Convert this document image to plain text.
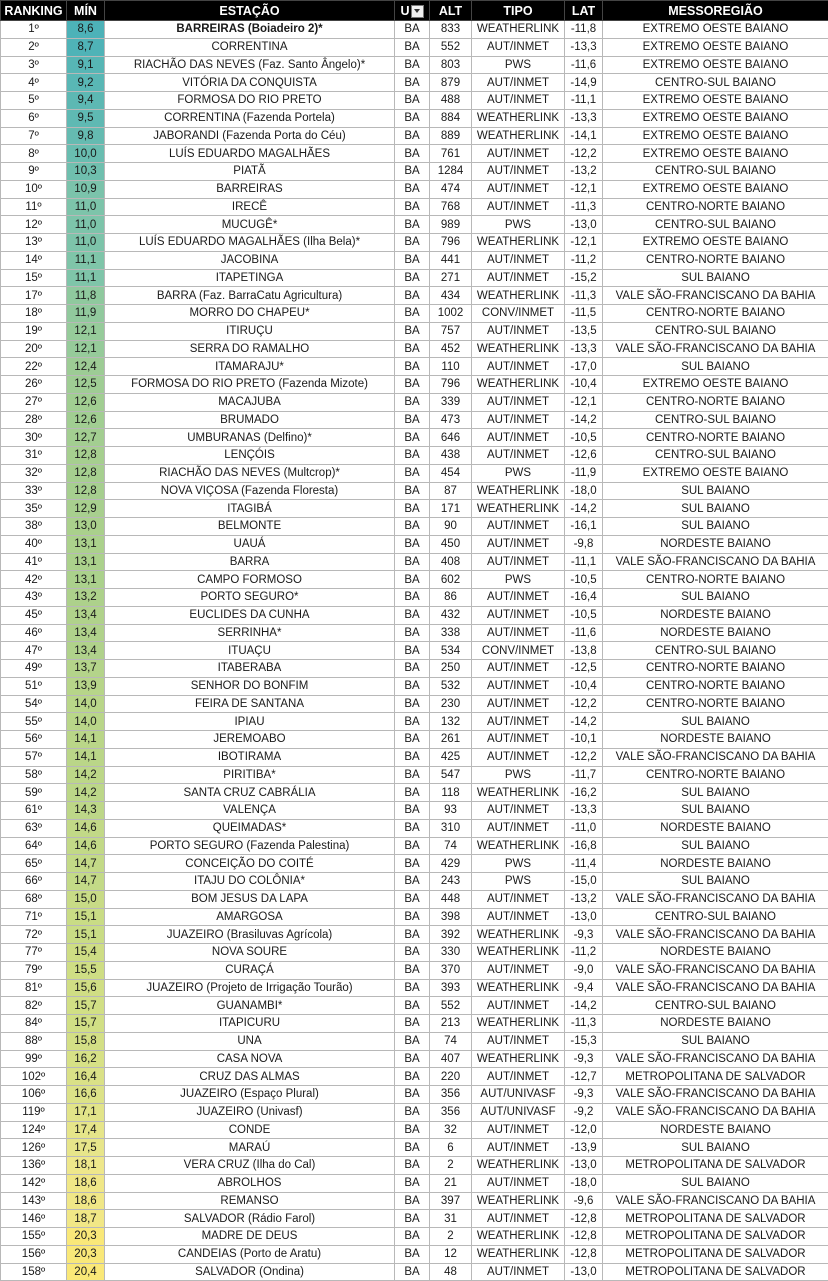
RANKING	MÍN	ESTAÇÃO	U	ALT	TIPO	LAT	MESSOREGIÃO
1º	8,6	BARREIRAS (Boiadeiro 2)*	BA	833	WEATHERLINK	-11,8	EXTREMO OESTE BAIANO
2º	8,7	CORRENTINA	BA	552	AUT/INMET	-13,3	EXTREMO OESTE BAIANO
3º	9,1	RIACHÃO DAS NEVES (Faz. Santo Ângelo)*	BA	803	PWS	-11,6	EXTREMO OESTE BAIANO
4º	9,2	VITÓRIA DA CONQUISTA	BA	879	AUT/INMET	-14,9	CENTRO-SUL BAIANO
5º	9,4	FORMOSA DO RIO PRETO	BA	488	AUT/INMET	-11,1	EXTREMO OESTE BAIANO
6º	9,5	CORRENTINA (Fazenda Portela)	BA	884	WEATHERLINK	-13,3	EXTREMO OESTE BAIANO
7º	9,8	JABORANDI (Fazenda Porta do Céu)	BA	889	WEATHERLINK	-14,1	EXTREMO OESTE BAIANO
8º	10,0	LUÍS EDUARDO MAGALHÃES	BA	761	AUT/INMET	-12,2	EXTREMO OESTE BAIANO
9º	10,3	PIATÃ	BA	1284	AUT/INMET	-13,2	CENTRO-SUL BAIANO
10º	10,9	BARREIRAS	BA	474	AUT/INMET	-12,1	EXTREMO OESTE BAIANO
11º	11,0	IRECÊ	BA	768	AUT/INMET	-11,3	CENTRO-NORTE BAIANO
12º	11,0	MUCUGÊ*	BA	989	PWS	-13,0	CENTRO-SUL BAIANO
13º	11,0	LUÍS EDUARDO MAGALHÃES (Ilha Bela)*	BA	796	WEATHERLINK	-12,1	EXTREMO OESTE BAIANO
14º	11,1	JACOBINA	BA	441	AUT/INMET	-11,2	CENTRO-NORTE BAIANO
15º	11,1	ITAPETINGA	BA	271	AUT/INMET	-15,2	SUL BAIANO
17º	11,8	BARRA (Faz. BarraCatu Agricultura)	BA	434	WEATHERLINK	-11,3	VALE SÃO-FRANCISCANO DA BAHIA
18º	11,9	MORRO DO CHAPEU*	BA	1002	CONV/INMET	-11,5	CENTRO-NORTE BAIANO
19º	12,1	ITIRUÇU	BA	757	AUT/INMET	-13,5	CENTRO-SUL BAIANO
20º	12,1	SERRA DO RAMALHO	BA	452	WEATHERLINK	-13,3	VALE SÃO-FRANCISCANO DA BAHIA
22º	12,4	ITAMARAJU*	BA	110	AUT/INMET	-17,0	SUL BAIANO
26º	12,5	FORMOSA DO RIO PRETO (Fazenda Mizote)	BA	796	WEATHERLINK	-10,4	EXTREMO OESTE BAIANO
27º	12,6	MACAJUBA	BA	339	AUT/INMET	-12,1	CENTRO-NORTE BAIANO
28º	12,6	BRUMADO	BA	473	AUT/INMET	-14,2	CENTRO-SUL BAIANO
30º	12,7	UMBURANAS (Delfino)*	BA	646	AUT/INMET	-10,5	CENTRO-NORTE BAIANO
31º	12,8	LENÇÓIS	BA	438	AUT/INMET	-12,6	CENTRO-SUL BAIANO
32º	12,8	RIACHÃO DAS NEVES (Multcrop)*	BA	454	PWS	-11,9	EXTREMO OESTE BAIANO
33º	12,8	NOVA VIÇOSA (Fazenda Floresta)	BA	87	WEATHERLINK	-18,0	SUL BAIANO
35º	12,9	ITAGIBÁ	BA	171	WEATHERLINK	-14,2	SUL BAIANO
38º	13,0	BELMONTE	BA	90	AUT/INMET	-16,1	SUL BAIANO
40º	13,1	UAUÁ	BA	450	AUT/INMET	-9,8	NORDESTE BAIANO
41º	13,1	BARRA	BA	408	AUT/INMET	-11,1	VALE SÃO-FRANCISCANO DA BAHIA
42º	13,1	CAMPO FORMOSO	BA	602	PWS	-10,5	CENTRO-NORTE BAIANO
43º	13,2	PORTO SEGURO*	BA	86	AUT/INMET	-16,4	SUL BAIANO
45º	13,4	EUCLIDES DA CUNHA	BA	432	AUT/INMET	-10,5	NORDESTE BAIANO
46º	13,4	SERRINHA*	BA	338	AUT/INMET	-11,6	NORDESTE BAIANO
47º	13,4	ITUAÇU	BA	534	CONV/INMET	-13,8	CENTRO-SUL BAIANO
49º	13,7	ITABERABA	BA	250	AUT/INMET	-12,5	CENTRO-NORTE BAIANO
51º	13,9	SENHOR DO BONFIM	BA	532	AUT/INMET	-10,4	CENTRO-NORTE BAIANO
54º	14,0	FEIRA DE SANTANA	BA	230	AUT/INMET	-12,2	CENTRO-NORTE BAIANO
55º	14,0	IPIAU	BA	132	AUT/INMET	-14,2	SUL BAIANO
56º	14,1	JEREMOABO	BA	261	AUT/INMET	-10,1	NORDESTE BAIANO
57º	14,1	IBOTIRAMA	BA	425	AUT/INMET	-12,2	VALE SÃO-FRANCISCANO DA BAHIA
58º	14,2	PIRITIBA*	BA	547	PWS	-11,7	CENTRO-NORTE BAIANO
59º	14,2	SANTA CRUZ CABRÁLIA	BA	118	WEATHERLINK	-16,2	SUL BAIANO
61º	14,3	VALENÇA	BA	93	AUT/INMET	-13,3	SUL BAIANO
63º	14,6	QUEIMADAS*	BA	310	AUT/INMET	-11,0	NORDESTE BAIANO
64º	14,6	PORTO SEGURO (Fazenda Palestina)	BA	74	WEATHERLINK	-16,8	SUL BAIANO
65º	14,7	CONCEIÇÃO DO COITÉ	BA	429	PWS	-11,4	NORDESTE BAIANO
66º	14,7	ITAJU DO COLÔNIA*	BA	243	PWS	-15,0	SUL BAIANO
68º	15,0	BOM JESUS DA LAPA	BA	448	AUT/INMET	-13,2	VALE SÃO-FRANCISCANO DA BAHIA
71º	15,1	AMARGOSA	BA	398	AUT/INMET	-13,0	CENTRO-SUL BAIANO
72º	15,1	JUAZEIRO (Brasiluvas Agrícola)	BA	392	WEATHERLINK	-9,3	VALE SÃO-FRANCISCANO DA BAHIA
77º	15,4	NOVA SOURE	BA	330	WEATHERLINK	-11,2	NORDESTE BAIANO
79º	15,5	CURAÇÁ	BA	370	AUT/INMET	-9,0	VALE SÃO-FRANCISCANO DA BAHIA
81º	15,6	JUAZEIRO (Projeto de Irrigação Tourão)	BA	393	WEATHERLINK	-9,4	VALE SÃO-FRANCISCANO DA BAHIA
82º	15,7	GUANAMBI*	BA	552	AUT/INMET	-14,2	CENTRO-SUL BAIANO
84º	15,7	ITAPICURU	BA	213	WEATHERLINK	-11,3	NORDESTE BAIANO
88º	15,8	UNA	BA	74	AUT/INMET	-15,3	SUL BAIANO
99º	16,2	CASA NOVA	BA	407	WEATHERLINK	-9,3	VALE SÃO-FRANCISCANO DA BAHIA
102º	16,4	CRUZ DAS ALMAS	BA	220	AUT/INMET	-12,7	METROPOLITANA DE SALVADOR
106º	16,6	JUAZEIRO (Espaço Plural)	BA	356	AUT/UNIVASF	-9,3	VALE SÃO-FRANCISCANO DA BAHIA
119º	17,1	JUAZEIRO (Univasf)	BA	356	AUT/UNIVASF	-9,2	VALE SÃO-FRANCISCANO DA BAHIA
124º	17,4	CONDE	BA	32	AUT/INMET	-12,0	NORDESTE BAIANO
126º	17,5	MARAÚ	BA	6	AUT/INMET	-13,9	SUL BAIANO
136º	18,1	VERA CRUZ (Ilha do Cal)	BA	2	WEATHERLINK	-13,0	METROPOLITANA DE SALVADOR
142º	18,6	ABROLHOS	BA	21	AUT/INMET	-18,0	SUL BAIANO
143º	18,6	REMANSO	BA	397	WEATHERLINK	-9,6	VALE SÃO-FRANCISCANO DA BAHIA
146º	18,7	SALVADOR (Rádio Farol)	BA	31	AUT/INMET	-12,8	METROPOLITANA DE SALVADOR
155º	20,3	MADRE DE DEUS	BA	2	WEATHERLINK	-12,8	METROPOLITANA DE SALVADOR
156º	20,3	CANDEIAS (Porto de Aratu)	BA	12	WEATHERLINK	-12,8	METROPOLITANA DE SALVADOR
158º	20,4	SALVADOR (Ondina)	BA	48	AUT/INMET	-13,0	METROPOLITANA DE SALVADOR
